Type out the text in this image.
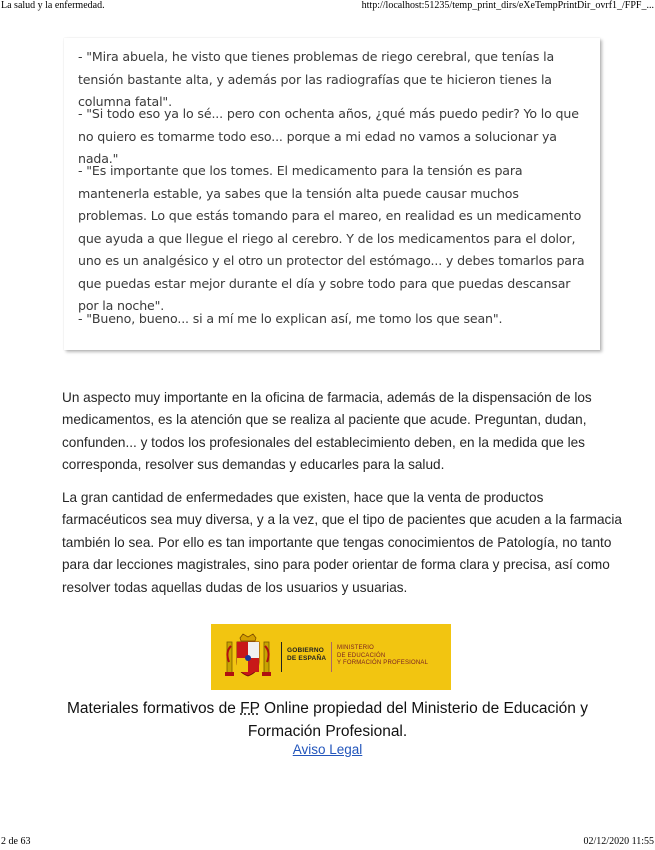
La salud y la enfermedad.	http://localhost:51235/temp_print_dirs/eXeTempPrintDir_ovrf1_/FPF_...

- "Mira abuela, he visto que tienes problemas de riego cerebral, que tenías la tensión bastante alta, y además por las radiografías que te hicieron tienes la columna fatal".

- "Si todo eso ya lo sé... pero con ochenta años, ¿qué más puedo pedir? Yo lo que no quiero es tomarme todo eso... porque a mi edad no vamos a solucionar ya nada."

- "Es importante que los tomes. El medicamento para la tensión es para mantenerla estable, ya sabes que la tensión alta puede causar muchos problemas. Lo que estás tomando para el mareo, en realidad es un medicamento que ayuda a que llegue el riego al cerebro. Y de los medicamentos para el dolor, uno es un analgésico y el otro un protector del estómago... y debes tomarlos para que puedas estar mejor durante el día y sobre todo para que puedas descansar por la noche".

- "Bueno, bueno... si a mí me lo explican así, me tomo los que sean".

Un aspecto muy importante en la oficina de farmacia, además de la dispensación de los
medicamentos, es la atención que se realiza al paciente que acude. Preguntan, dudan,
confunden... y todos los profesionales del establecimiento deben, en la medida que les
corresponda, resolver sus demandas y educarles para la salud.
La gran cantidad de enfermedades que existen, hace que la venta de productos
farmacéuticos sea muy diversa, y a la vez, que el tipo de pacientes que acuden a la farmacia
también lo sea. Por ello es tan importante que tengas conocimientos de Patología, no tanto
para dar lecciones magistrales, sino para poder orientar de forma clara y precisa, así como
resolver todas aquellas dudas de los usuarios y usuarias.
GOBIERNO
DE ESPAÑA
MINISTERIO
DE EDUCACIÓN
Y FORMACIÓN PROFESIONAL
Materiales formativos de FP Online propiedad del Ministerio de Educación y
Formación Profesional.
Aviso Legal
2 de 63	02/12/2020 11:55
